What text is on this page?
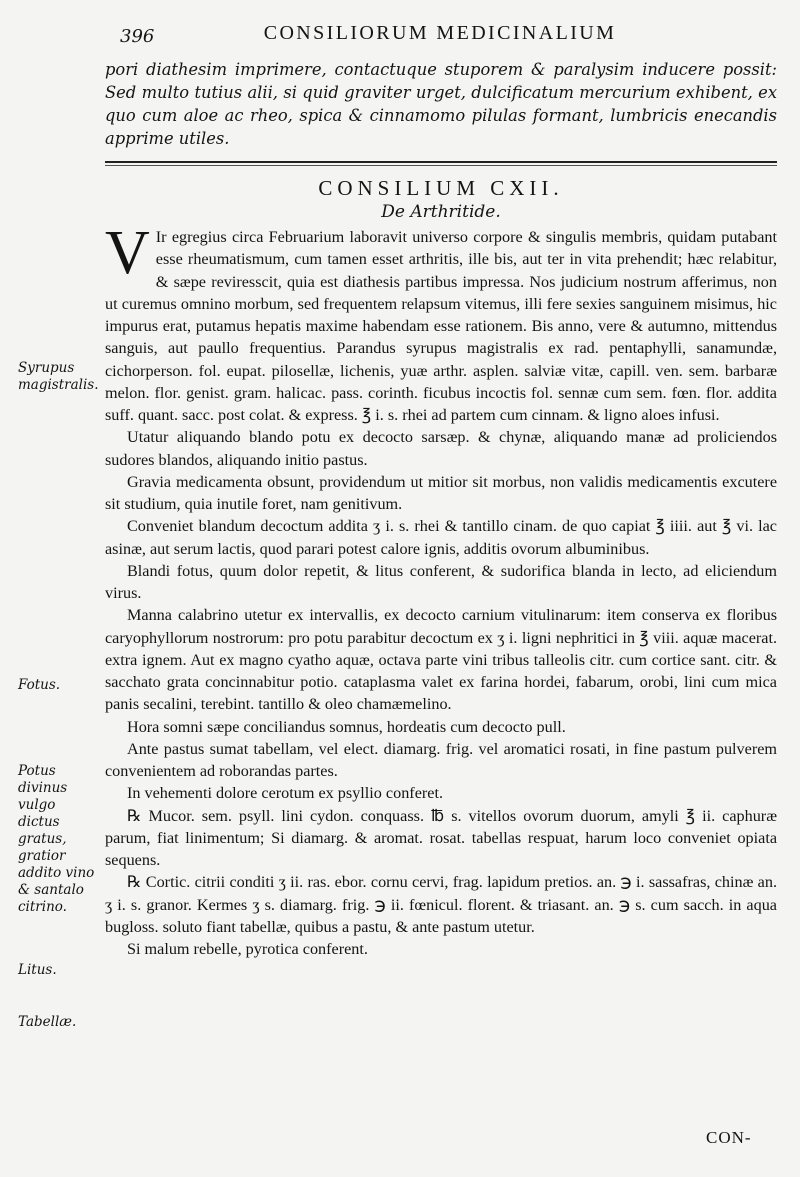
396	CONSILIORUM MEDICINALIUM
pori diathesim imprimere, contactuque stuporem & paralysim inducere possit: Sed multo tutius alii, si quid graviter urget, dulcificatum mercurium exhibent, ex quo cum aloe ac rheo, spica & cinnamomo pilulas formant, lumbricis enecandis apprime utiles.
CONSILIUM CXII.
De Arthritide.

V Ir egregius circa Februarium laboravit universo corpore & singulis membris, quidam putabant esse rheumatismum, cum tamen esset arthritis, ille bis, aut ter in vita prehendit; hæc relabitur, & sæpe reviresscit, quia est diathesis partibus impressa. Nos judicium nostrum afferimus, non ut curemus omnino morbum, sed frequentem relapsum vitemus, illi fere sexies sanguinem misimus, hic impurus erat, putamus hepatis maxime habendam esse rationem. Bis anno, vere & autumno, mittendus sanguis, aut paullo frequentius. Parandus syrupus magistralis ex rad. pentaphylli, sanamundæ, cichorperson. fol. eupat. pilosellæ, lichenis, yuæ arthr. asplen. salviæ vitæ, capill. ven. sem. barbaræ melon. flor. genist. gram. halicac. pass. corinth. ficubus incoctis fol. sennæ cum sem. fœn. flor. addita suff. quant. sacc. post colat. & express. ℥ i. s. rhei ad partem cum cinnam. & ligno aloes infusi.

Utatur aliquando blando potu ex decocto sarsæp. & chynæ, aliquando manæ ad proliciendos sudores blandos, aliquando initio pastus.

Gravia medicamenta obsunt, providendum ut mitior sit morbus, non validis medicamentis excutere sit studium, quia inutile foret, nam genitivum.

Conveniet blandum decoctum addita ʒ i. s. rhei & tantillo cinam. de quo capiat ℥ iiii. aut ℥ vi. lac asinæ, aut serum lactis, quod parari potest calore ignis, additis ovorum albuminibus.

Blandi fotus, quum dolor repetit, & litus conferent, & sudorifica blanda in lecto, ad eliciendum virus.

Manna calabrino utetur ex intervallis, ex decocto carnium vitulinarum: item conserva ex floribus caryophyllorum nostrorum: pro potu parabitur decoctum ex ʒ i. ligni nephritici in ℥ viii. aquæ macerat. extra ignem. Aut ex magno cyatho aquæ, octava parte vini tribus talleolis citr. cum cortice sant. citr. & sacchato grata concinnabitur potio. cataplasma valet ex farina hordei, fabarum, orobi, lini cum mica panis secalini, terebint. tantillo & oleo chamæmelino.

Hora somni sæpe conciliandus somnus, hordeatis cum decocto pull.

Ante pastus sumat tabellam, vel elect. diamarg. frig. vel aromatici rosati, in fine pastum pulverem convenientem ad roborandas partes.

In vehementi dolore cerotum ex psyllio conferet.

℞ Mucor. sem. psyll. lini cydon. conquass. ℔ s. vitellos ovorum duorum, amyli ℥ ii. caphuræ parum, fiat linimentum; Si diamarg. & aromat. rosat. tabellas respuat, harum loco conveniet opiata sequens.

℞ Cortic. citrii conditi ʒ ii. ras. ebor. cornu cervi, frag. lapidum pretios. an. ℈ i. sassafras, chinæ an. ʒ i. s. granor. Kermes ʒ s. diamarg. frig. ℈ ii. fœnicul. florent. & triasant. an. ℈ s. cum sacch. in aqua bugloss. soluto fiant tabellæ, quibus a pastu, & ante pastum utetur.

Si malum rebelle, pyrotica conferent.

Syrupus magistralis.
Fotus.
Potus divinus vulgo dictus gratus, gratior addito vino & santalo citrino.
Litus.
Tabellæ.
CON-
